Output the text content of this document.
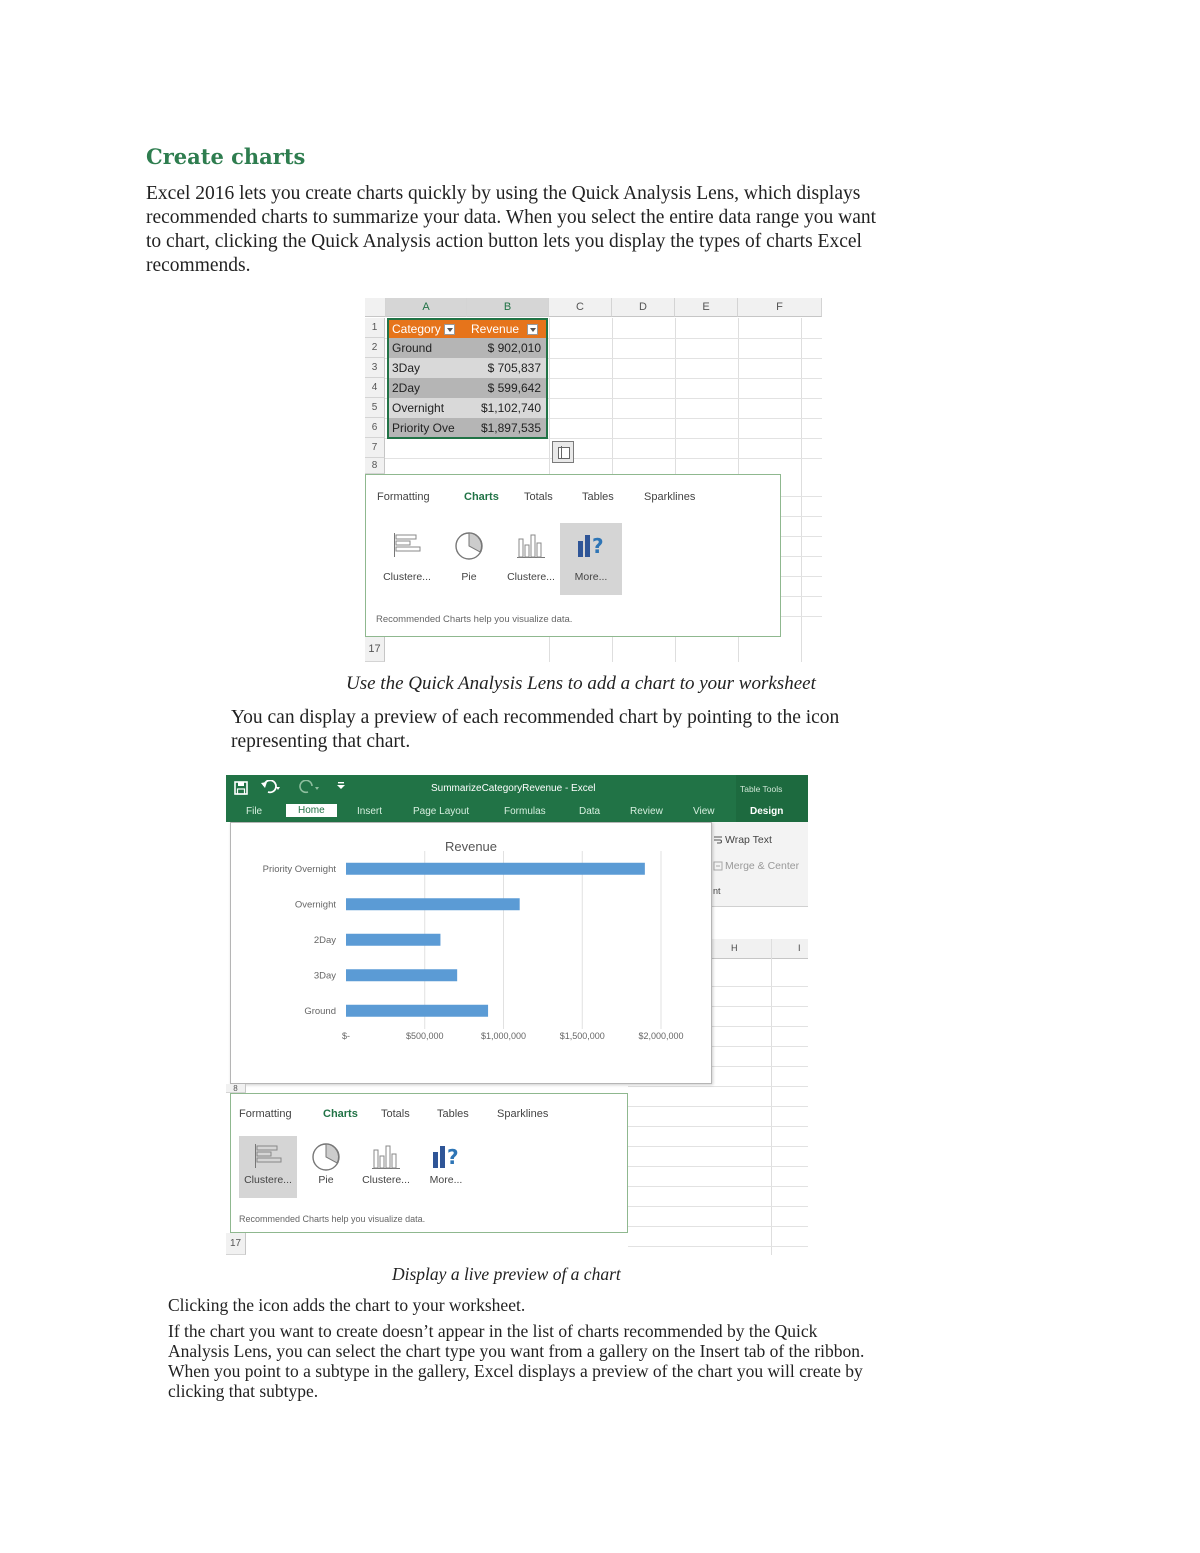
Create charts
Excel 2016 lets you create charts quickly by using the Quick Analysis Lens, which displays recommended charts to summarize your data. When you select the entire data range you want to chart, clicking the Quick Analysis action button lets you display the types of charts Excel recommends.
A	B	C	D	E	F
1
2
3
4
5
6
7
8
17
Category	Revenue
Ground	$ 902,010
3Day	$ 705,837
2Day	$ 599,642
Overnight	$1,102,740
Priority Ove	$1,897,535
Formatting	Charts Totals	Tables	Sparklines
Clustere...	Pie	Clustere...
?
More...
Recommended Charts help you visualize data.
Use the Quick Analysis Lens to add a chart to your worksheet
You can display a preview of each recommended chart by pointing to the icon representing that chart.
SummarizeCategoryRevenue - Excel	Table Tools
File	Home	Insert	Page Layout	Formulas	Data	Review	View	Design
Wrap Text
Merge & Center
nt
H	I
Revenue
$-	$500,000	$1,000,000	$1,500,000	$2,000,000
Priority Overnight
Overnight
2Day
3Day
Ground
8
Formatting	Charts Totals Tables	Sparklines
Clustere...	Pie	Clustere...
?
More...
Recommended Charts help you visualize data.
17
Display a live preview of a chart
Clicking the icon adds the chart to your worksheet.
If the chart you want to create doesn’t appear in the list of charts recommended by the Quick Analysis Lens, you can select the chart type you want from a gallery on the Insert tab of the ribbon. When you point to a subtype in the gallery, Excel displays a preview of the chart you will create by clicking that subtype.
